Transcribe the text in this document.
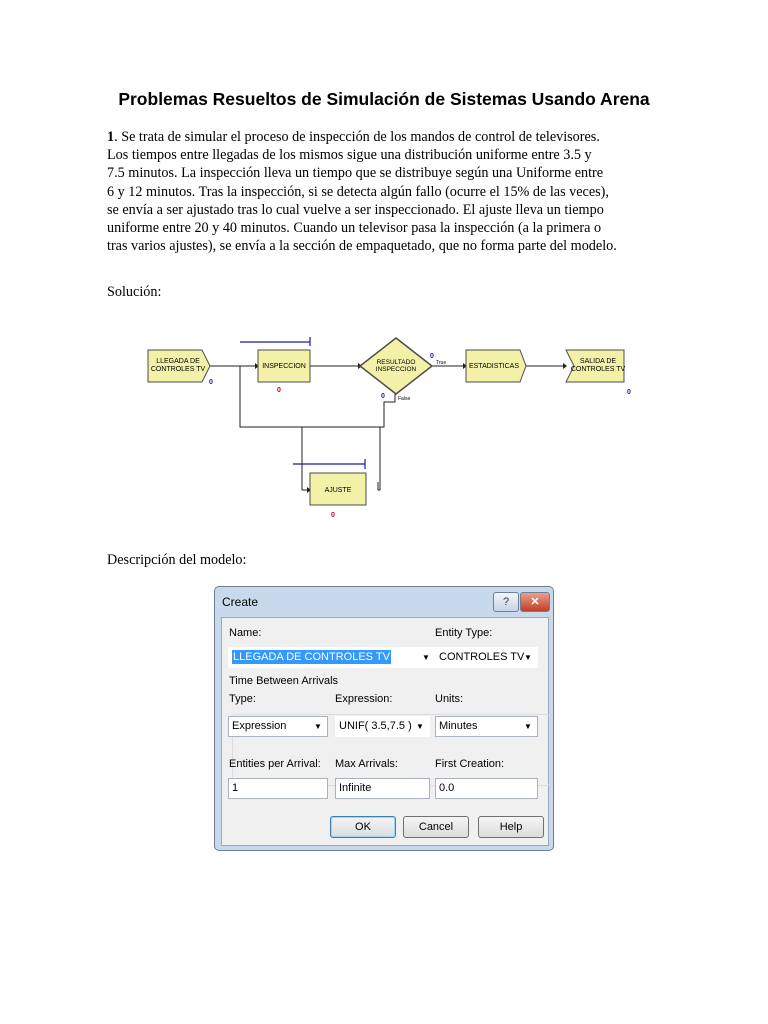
Problemas Resueltos de Simulación de Sistemas Usando Arena
1. Se trata de simular el proceso de inspección de los mandos de control de televisores.
Los tiempos entre llegadas de los mismos sigue una distribución uniforme entre 3.5 y
7.5 minutos. La inspección lleva un tiempo que se distribuye según una Uniforme entre
6 y 12 minutos. Tras la inspección, si se detecta algún fallo (ocurre el 15% de las veces),
se envía a ser ajustado tras lo cual vuelve a ser inspeccionado. El ajuste lleva un tiempo
uniforme entre 20 y 40 minutos. Cuando un televisor pasa la inspección (a la primera o
tras varios ajustes), se envía a la sección de empaquetado, que no forma parte del modelo.
Solución:
LLEGADA DE
CONTROLES TV
0
INSPECCION
0
RESULTADO
INSPECCION
0
True
0	False
ESTADISTICAS
SALIDA DE
CONTROLES TV
0
AJUSTE
0
Descripción del modelo:
Create	?	✕
Name:
LLEGADA DE CONTROLES TV	▼
Entity Type:
CONTROLES TV ▼
Time Between Arrivals
Type:
Expression	▼
Expression:
UNIF( 3.5,7.5 ) ▼
Units:
Minutes	▼
Entities per Arrival:
1
Max Arrivals:
Infinite
First Creation:
0.0
OK	Cancel	Help
